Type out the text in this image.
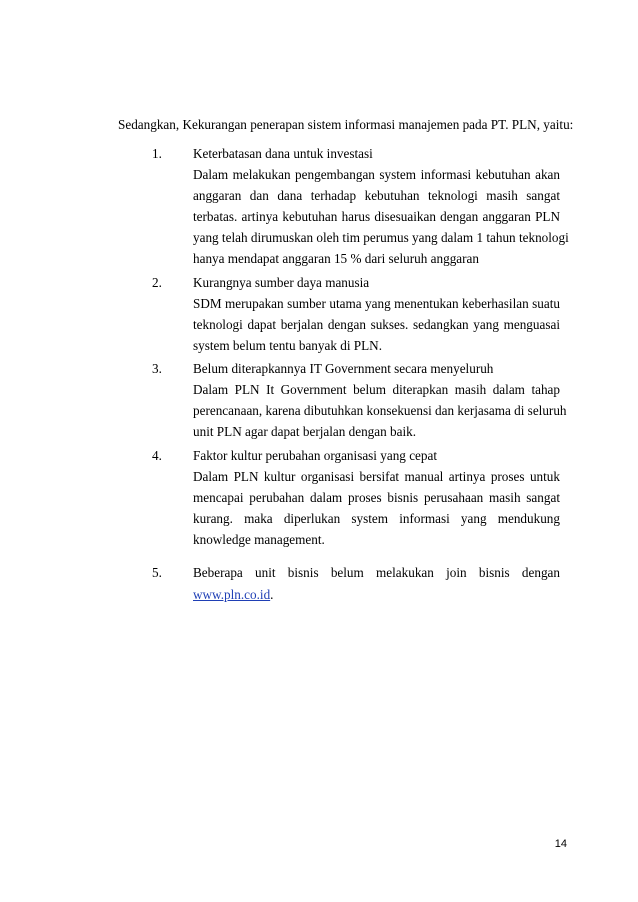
Sedangkan, Kekurangan penerapan sistem informasi manajemen pada PT. PLN, yaitu:
1. Keterbatasan dana untuk investasi
Dalam melakukan pengembangan system informasi kebutuhan akan
anggaran dan dana terhadap kebutuhan teknologi masih sangat
terbatas. artinya kebutuhan harus disesuaikan dengan anggaran PLN
yang telah dirumuskan oleh tim perumus yang dalam 1 tahun teknologi
hanya mendapat anggaran 15 % dari seluruh anggaran
2. Kurangnya sumber daya manusia
SDM merupakan sumber utama yang menentukan keberhasilan suatu
teknologi dapat berjalan dengan sukses. sedangkan yang menguasai
system belum tentu banyak di PLN.
3. Belum diterapkannya IT Government secara menyeluruh
Dalam PLN It Government belum diterapkan masih dalam tahap
perencanaan, karena dibutuhkan konsekuensi dan kerjasama di seluruh
unit PLN agar dapat berjalan dengan baik.
4. Faktor kultur perubahan organisasi yang cepat
Dalam PLN kultur organisasi bersifat manual artinya proses untuk
mencapai perubahan dalam proses bisnis perusahaan masih sangat
kurang. maka diperlukan system informasi yang mendukung
knowledge management.
5. Beberapa unit bisnis belum melakukan join bisnis dengan
www.pln.co.id.
14
